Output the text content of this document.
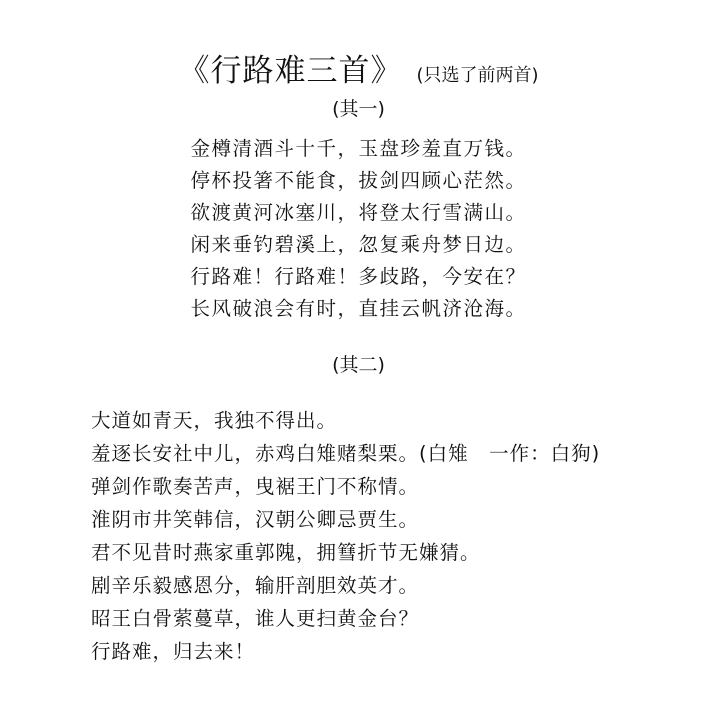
《行路难三首》 (只选了前两首)
(其一)
金樽清酒斗十千，玉盘珍羞直万钱。
停杯投箸不能食，拔剑四顾心茫然。
欲渡黄河冰塞川，将登太行雪满山。
闲来垂钓碧溪上，忽复乘舟梦日边。
行路难！行路难！多歧路，今安在？
长风破浪会有时，直挂云帆济沧海。
(其二)
大道如青天，我独不得出。
羞逐长安社中儿，赤鸡白雉赌梨栗。(白雉　一作：白狗)
弹剑作歌奏苦声，曳裾王门不称情。
淮阴市井笑韩信，汉朝公卿忌贾生。
君不见昔时燕家重郭隗，拥篲折节无嫌猜。
剧辛乐毅感恩分，输肝剖胆效英才。
昭王白骨萦蔓草，谁人更扫黄金台？
行路难，归去来！
